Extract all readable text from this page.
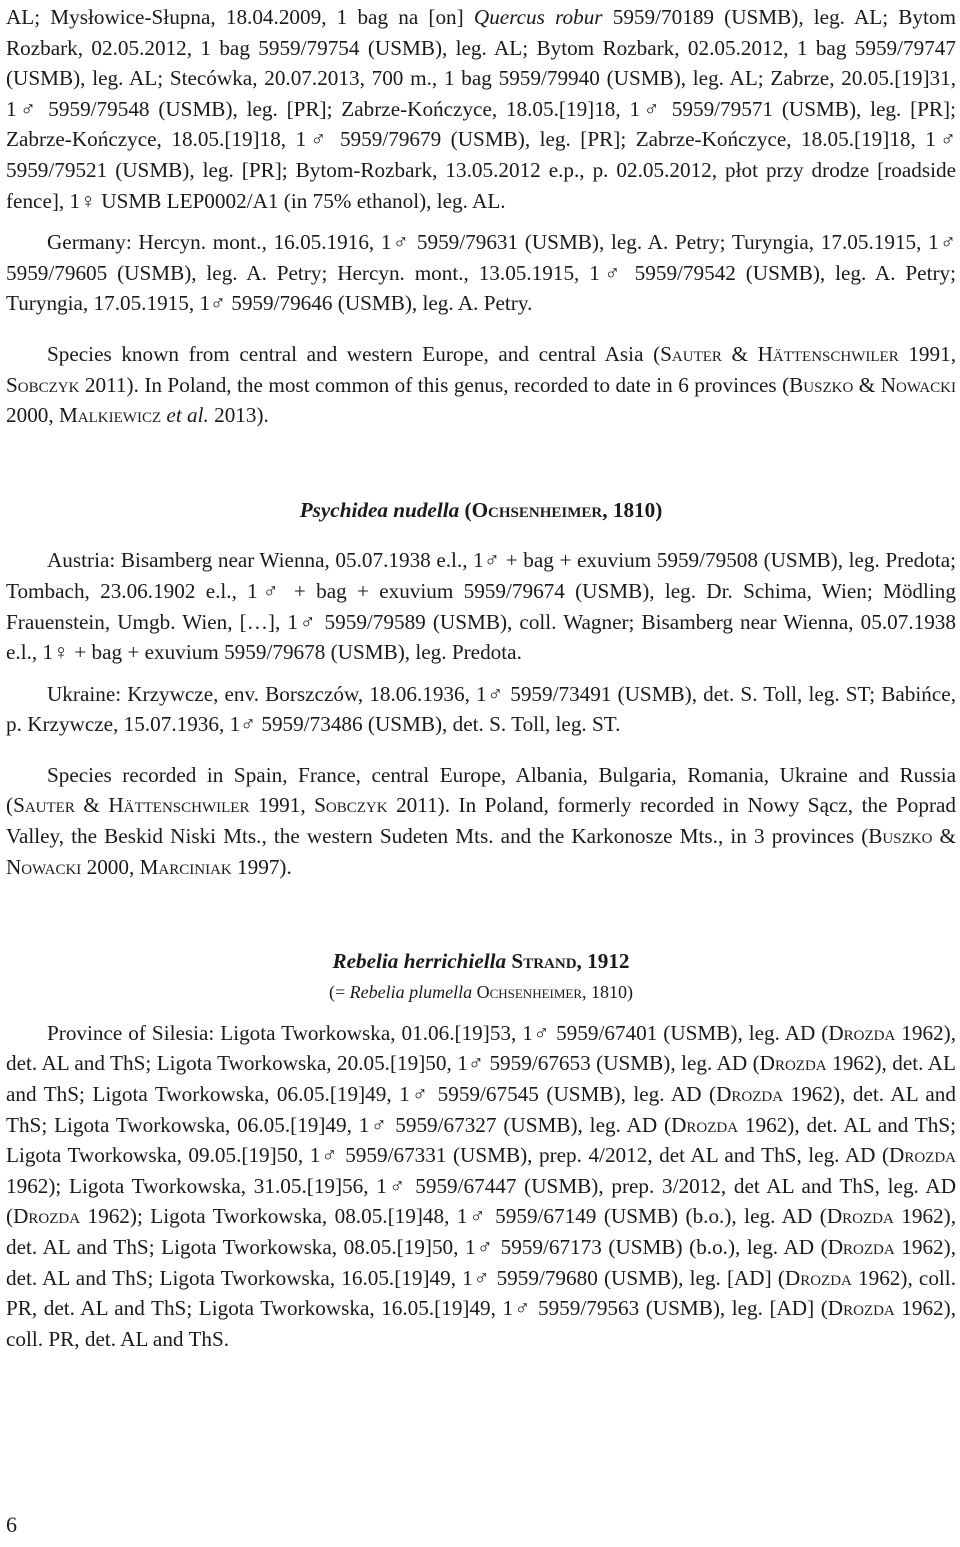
AL; Mysłowice-Słupna, 18.04.2009, 1 bag na [on] Quercus robur 5959/70189 (USMB), leg. AL; Bytom Rozbark, 02.05.2012, 1 bag 5959/79754 (USMB), leg. AL; Bytom Rozbark, 02.05.2012, 1 bag 5959/79747 (USMB), leg. AL; Stecówka, 20.07.2013, 700 m., 1 bag 5959/79940 (USMB), leg. AL; Zabrze, 20.05.[19]31, 1♂ 5959/79548 (USMB), leg. [PR]; Zabrze-Kończyce, 18.05.[19]18, 1♂ 5959/79571 (USMB), leg. [PR]; Zabrze-Kończyce, 18.05.[19]18, 1♂ 5959/79679 (USMB), leg. [PR]; Zabrze-Kończyce, 18.05.[19]18, 1♂ 5959/79521 (USMB), leg. [PR]; Bytom-Rozbark, 13.05.2012 e.p., p. 02.05.2012, płot przy drodze [roadside fence], 1♀ USMB LEP0002/A1 (in 75% ethanol), leg. AL.

Germany: Hercyn. mont., 16.05.1916, 1♂ 5959/79631 (USMB), leg. A. Petry; Turyngia, 17.05.1915, 1♂ 5959/79605 (USMB), leg. A. Petry; Hercyn. mont., 13.05.1915, 1♂ 5959/79542 (USMB), leg. A. Petry; Turyngia, 17.05.1915, 1♂ 5959/79646 (USMB), leg. A. Petry.

Species known from central and western Europe, and central Asia (Sauter & Hättenschwiler 1991, Sobczyk 2011). In Poland, the most common of this genus, recorded to date in 6 provinces (Buszko & Nowacki 2000, Malkiewicz et al. 2013).

Psychidea nudella (Ochsenheimer, 1810)

Austria: Bisamberg near Wienna, 05.07.1938 e.l., 1♂ + bag + exuvium 5959/79508 (USMB), leg. Predota; Tombach, 23.06.1902 e.l., 1♂ + bag + exuvium 5959/79674 (USMB), leg. Dr. Schima, Wien; Mödling Frauenstein, Umgb. Wien, […], 1♂ 5959/79589 (USMB), coll. Wagner; Bisamberg near Wienna, 05.07.1938 e.l., 1♀ + bag + exuvium 5959/79678 (USMB), leg. Predota.

Ukraine: Krzywcze, env. Borszczów, 18.06.1936, 1♂ 5959/73491 (USMB), det. S. Toll, leg. ST; Babińce, p. Krzywcze, 15.07.1936, 1♂ 5959/73486 (USMB), det. S. Toll, leg. ST.

Species recorded in Spain, France, central Europe, Albania, Bulgaria, Romania, Ukraine and Russia (Sauter & Hättenschwiler 1991, Sobczyk 2011). In Poland, formerly recorded in Nowy Sącz, the Poprad Valley, the Beskid Niski Mts., the western Sudeten Mts. and the Karkonosze Mts., in 3 provinces (Buszko & Nowacki 2000, Marciniak 1997).

Rebelia herrichiella Strand, 1912

(= Rebelia plumella Ochsenheimer, 1810)

Province of Silesia: Ligota Tworkowska, 01.06.[19]53, 1♂ 5959/67401 (USMB), leg. AD (Drozda 1962), det. AL and ThS; Ligota Tworkowska, 20.05.[19]50, 1♂ 5959/67653 (USMB), leg. AD (Drozda 1962), det. AL and ThS; Ligota Tworkowska, 06.05.[19]49, 1♂ 5959/67545 (USMB), leg. AD (Drozda 1962), det. AL and ThS; Ligota Tworkowska, 06.05.[19]49, 1♂ 5959/67327 (USMB), leg. AD (Drozda 1962), det. AL and ThS; Ligota Tworkowska, 09.05.[19]50, 1♂ 5959/67331 (USMB), prep. 4/2012, det AL and ThS, leg. AD (Drozda 1962); Ligota Tworkowska, 31.05.[19]56, 1♂ 5959/67447 (USMB), prep. 3/2012, det AL and ThS, leg. AD (Drozda 1962); Ligota Tworkowska, 08.05.[19]48, 1♂ 5959/67149 (USMB) (b.o.), leg. AD (Drozda 1962), det. AL and ThS; Ligota Tworkowska, 08.05.[19]50, 1♂ 5959/67173 (USMB) (b.o.), leg. AD (Drozda 1962), det. AL and ThS; Ligota Tworkowska, 16.05.[19]49, 1♂ 5959/79680 (USMB), leg. [AD] (Drozda 1962), coll. PR, det. AL and ThS; Ligota Tworkowska, 16.05.[19]49, 1♂ 5959/79563 (USMB), leg. [AD] (Drozda 1962), coll. PR, det. AL and ThS.

6
